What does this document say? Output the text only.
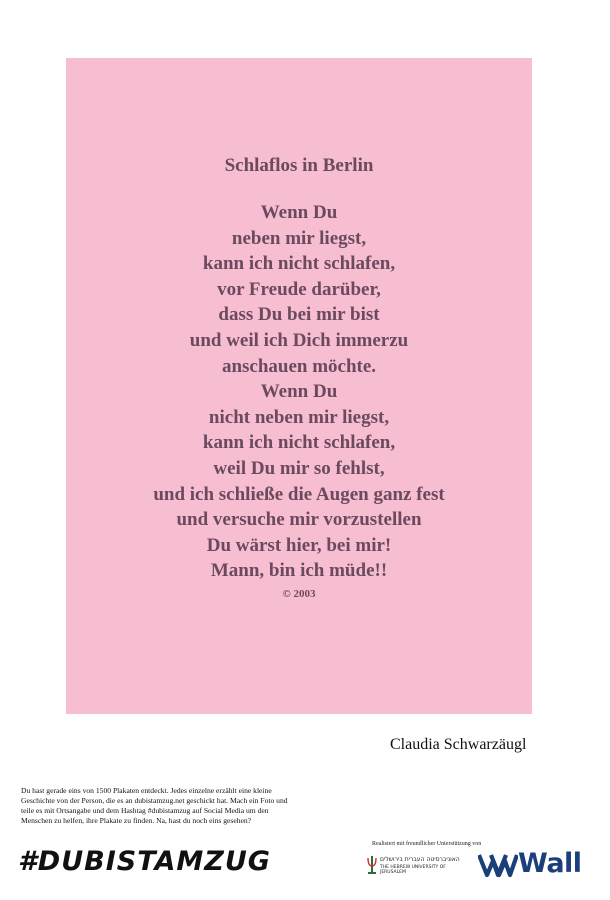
Schlaflos in Berlin
Wenn Du
neben mir liegst,
kann ich nicht schlafen,
vor Freude darüber,
dass Du bei mir bist
und weil ich Dich immerzu
anschauen möchte.
Wenn Du
nicht neben mir liegst,
kann ich nicht schlafen,
weil Du mir so fehlst,
und ich schließe die Augen ganz fest
und versuche mir vorzustellen
Du wärst hier, bei mir!
Mann, bin ich müde!!
© 2003
Claudia Schwarzäugl
Du hast gerade eins von 1500 Plakaten entdeckt. Jedes einzelne erzählt eine kleine Geschichte von der Person, die es an dubistamzug.net geschickt hat. Mach ein Foto und teile es mit Ortsangabe und dem Hashtag #dubistamzug auf Social Media um den Menschen zu helfen, ihre Plakate zu finden. Na, hast du noch eins gesehen?
#DUBISTAMZUG
Realisiert mit freundlicher Unterstützung von
האוניברסיטה העברית בירושלים
THE HEBREW UNIVERSITY OF JERUSALEM	Wall
